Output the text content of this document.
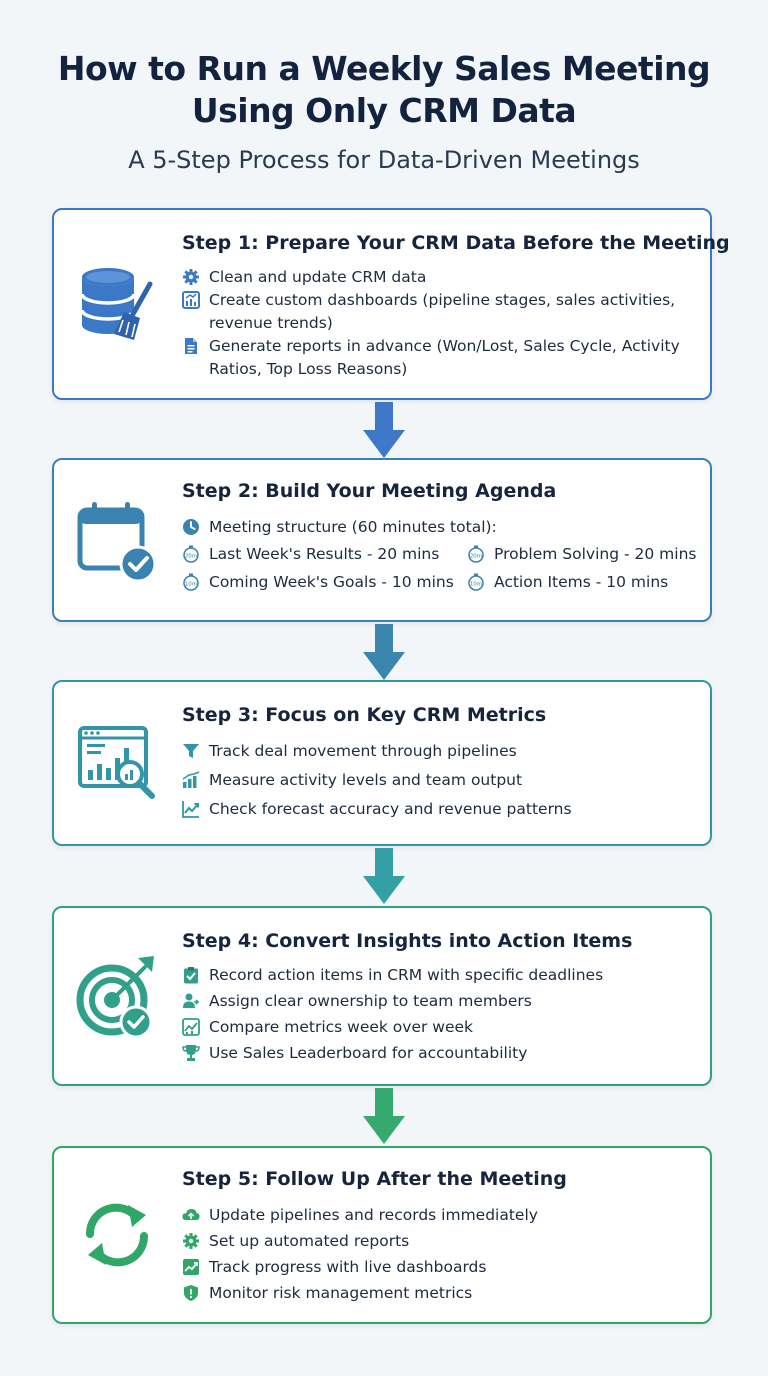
How to Run a Weekly Sales Meeting
Using Only CRM Data
A 5-Step Process for Data-Driven Meetings
Step 1: Prepare Your CRM Data Before the Meeting
Clean and update CRM data
Create custom dashboards (pipeline stages, sales activities, revenue trends)
Generate reports in advance (Won/Lost, Sales Cycle, Activity Ratios, Top Loss Reasons)
Step 2: Build Your Meeting Agenda
Meeting structure (60 minutes total):
20m Last Week's Results - 20 mins	20m Problem Solving - 20 mins
10m Coming Week's Goals - 10 mins	10m Action Items - 10 mins
Step 3: Focus on Key CRM Metrics
Track deal movement through pipelines
Measure activity levels and team output
Check forecast accuracy and revenue patterns
Step 4: Convert Insights into Action Items
Record action items in CRM with specific deadlines
Assign clear ownership to team members
Compare metrics week over week
Use Sales Leaderboard for accountability
Step 5: Follow Up After the Meeting
Update pipelines and records immediately
Set up automated reports
Track progress with live dashboards
Monitor risk management metrics
